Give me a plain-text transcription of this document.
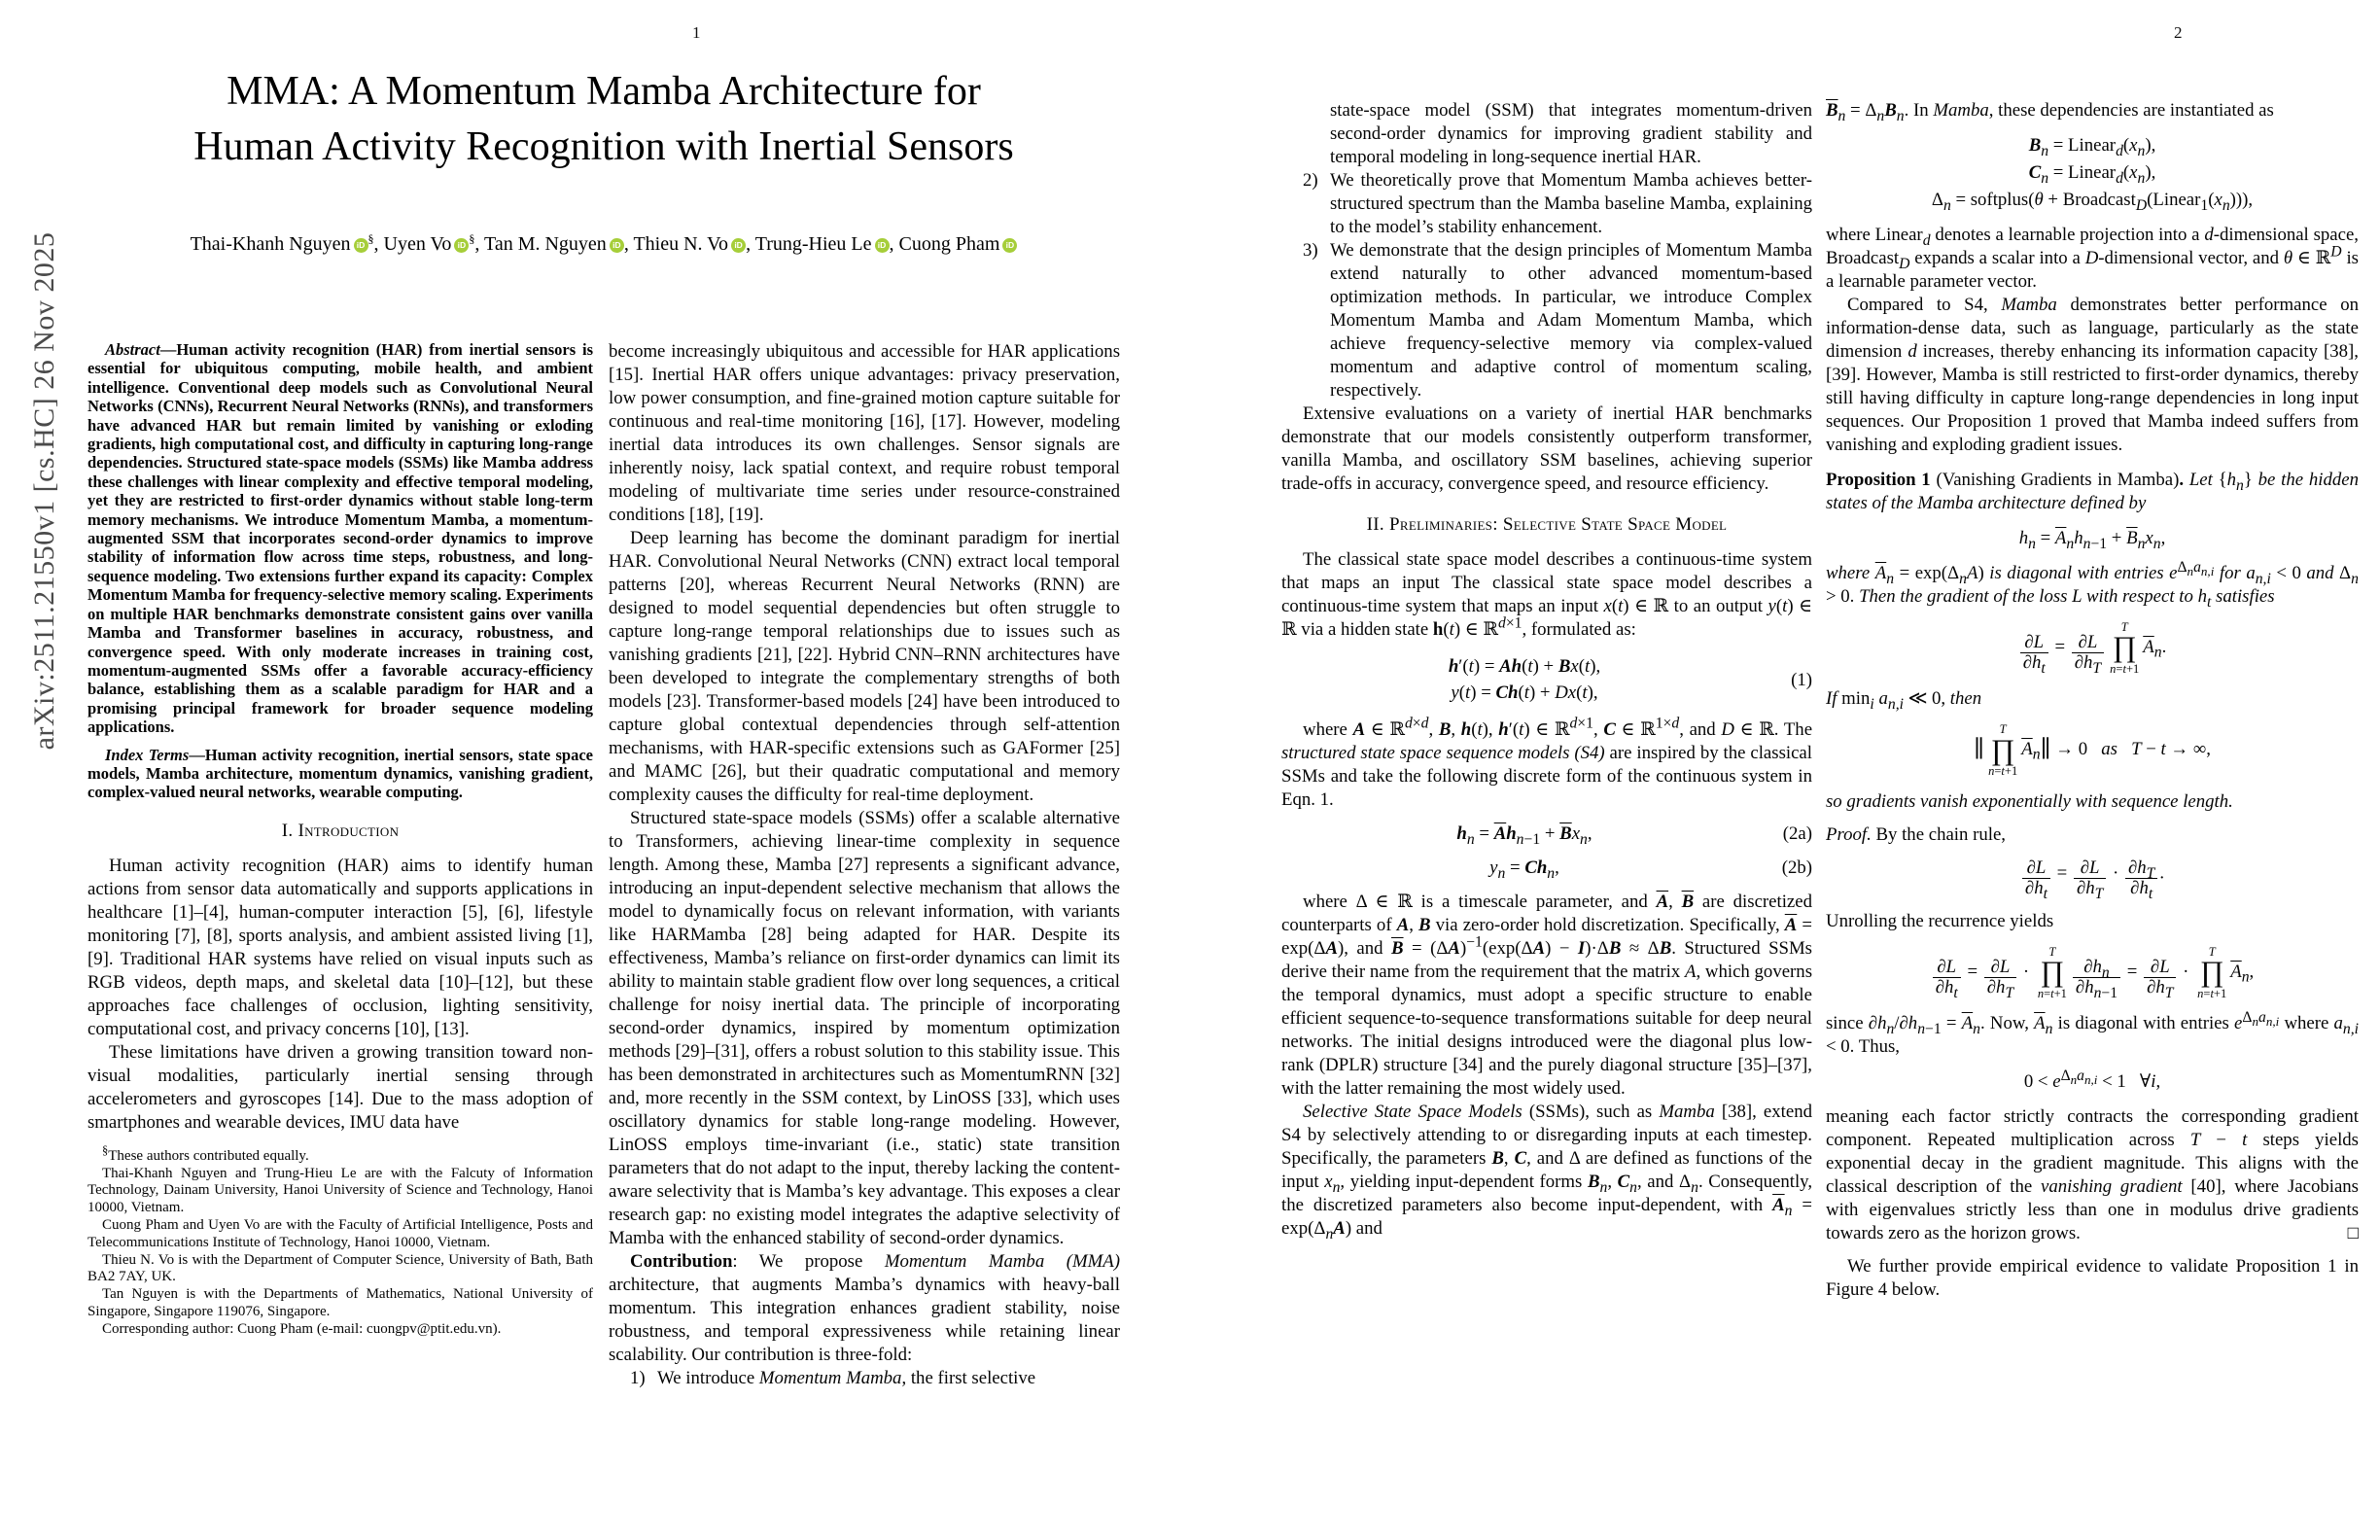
1	2
arXiv:2511.21550v1 [cs.HC] 26 Nov 2025
MMA: A Momentum Mamba Architecture for
Human Activity Recognition with Inertial Sensors
Thai-Khanh Nguyen iD §, Uyen Vo iD §, Tan M. Nguyen iD , Thieu N. Vo iD , Trung-Hieu Le iD , Cuong Pham iD

Abstract—Human activity recognition (HAR) from inertial sensors is essential for ubiquitous computing, mobile health, and ambient intelligence. Conventional deep models such as Convolutional Neural Networks (CNNs), Recurrent Neural Networks (RNNs), and transformers have advanced HAR but remain limited by vanishing or exloding gradients, high computational cost, and difficulty in capturing long-range dependencies. Structured state-space models (SSMs) like Mamba address these challenges with linear complexity and effective temporal modeling, yet they are restricted to first-order dynamics without stable long-term memory mechanisms. We introduce Momentum Mamba, a momentum-augmented SSM that incorporates second-order dynamics to improve stability of information flow across time steps, robustness, and long-sequence modeling. Two extensions further expand its capacity: Complex Momentum Mamba for frequency-selective memory scaling. Experiments on multiple HAR benchmarks demonstrate consistent gains over vanilla Mamba and Transformer baselines in accuracy, robustness, and convergence speed. With only moderate increases in training cost, momentum-augmented SSMs offer a favorable accuracy-efficiency balance, establishing them as a scalable paradigm for HAR and a promising principal framework for broader sequence modeling applications.

Index Terms—Human activity recognition, inertial sensors, state space models, Mamba architecture, momentum dynamics, vanishing gradient, complex-valued neural networks, wearable computing.

I. Introduction

Human activity recognition (HAR) aims to identify human actions from sensor data automatically and supports applications in healthcare [1]–[4], human-computer interaction [5], [6], lifestyle monitoring [7], [8], sports analysis, and ambient assisted living [1], [9]. Traditional HAR systems have relied on visual inputs such as RGB videos, depth maps, and skeletal data [10]–[12], but these approaches face challenges of occlusion, lighting sensitivity, computational cost, and privacy concerns [10], [13].

These limitations have driven a growing transition toward non-visual modalities, particularly inertial sensing through accelerometers and gyroscopes [14]. Due to the mass adoption of smartphones and wearable devices, IMU data have

§These authors contributed equally.

Thai-Khanh Nguyen and Trung-Hieu Le are with the Falcuty of Information Technology, Dainam University, Hanoi University of Science and Technology, Hanoi 10000, Vietnam.

Cuong Pham and Uyen Vo are with the Faculty of Artificial Intelligence, Posts and Telecommunications Institute of Technology, Hanoi 10000, Vietnam.

Thieu N. Vo is with the Department of Computer Science, University of Bath, Bath BA2 7AY, UK.

Tan Nguyen is with the Departments of Mathematics, National University of Singapore, Singapore 119076, Singapore.

Corresponding author: Cuong Pham (e-mail: cuongpv@ptit.edu.vn).

become increasingly ubiquitous and accessible for HAR applications [15]. Inertial HAR offers unique advantages: privacy preservation, low power consumption, and fine-grained motion capture suitable for continuous and real-time monitoring [16], [17]. However, modeling inertial data introduces its own challenges. Sensor signals are inherently noisy, lack spatial context, and require robust temporal modeling of multivariate time series under resource-constrained conditions [18], [19].

Deep learning has become the dominant paradigm for inertial HAR. Convolutional Neural Networks (CNN) extract local temporal patterns [20], whereas Recurrent Neural Networks (RNN) are designed to model sequential dependencies but often struggle to capture long-range temporal relationships due to issues such as vanishing gradients [21], [22]. Hybrid CNN–RNN architectures have been developed to integrate the complementary strengths of both models [23]. Transformer-based models [24] have been introduced to capture global contextual dependencies through self-attention mechanisms, with HAR-specific extensions such as GAFormer [25] and MAMC [26], but their quadratic computational and memory complexity causes the difficulty for real-time deployment.

Structured state-space models (SSMs) offer a scalable alternative to Transformers, achieving linear-time complexity in sequence length. Among these, Mamba [27] represents a significant advance, introducing an input-dependent selective mechanism that allows the model to dynamically focus on relevant information, with variants like HARMamba [28] being adapted for HAR. Despite its effectiveness, Mamba’s reliance on first-order dynamics can limit its ability to maintain stable gradient flow over long sequences, a critical challenge for noisy inertial data. The principle of incorporating second-order dynamics, inspired by momentum optimization methods [29]–[31], offers a robust solution to this stability issue. This has been demonstrated in architectures such as MomentumRNN [32] and, more recently in the SSM context, by LinOSS [33], which uses oscillatory dynamics for stable long-range modeling. However, LinOSS employs time-invariant (i.e., static) state transition parameters that do not adapt to the input, thereby lacking the content-aware selectivity that is Mamba’s key advantage. This exposes a clear research gap: no existing model integrates the adaptive selectivity of Mamba with the enhanced stability of second-order dynamics.

Contribution: We propose Momentum Mamba (MMA) architecture, that augments Mamba’s dynamics with heavy-ball momentum. This integration enhances gradient stability, noise robustness, and temporal expressiveness while retaining linear scalability. Our contribution is three-fold:

1) We introduce Momentum Mamba, the first selective
state-space model (SSM) that integrates momentum-driven second-order dynamics for improving gradient stability and temporal modeling in long-sequence inertial HAR.
2) We theoretically prove that Momentum Mamba achieves better-structured spectrum than the Mamba baseline Mamba, explaining to the model’s stability enhancement.
3) We demonstrate that the design principles of Momentum Mamba extend naturally to other advanced momentum-based optimization methods. In particular, we introduce Complex Momentum Mamba and Adam Momentum Mamba, which achieve frequency-selective memory via complex-valued momentum and adaptive control of momentum scaling, respectively.

Extensive evaluations on a variety of inertial HAR benchmarks demonstrate that our models consistently outperform transformer, vanilla Mamba, and oscillatory SSM baselines, achieving superior trade-offs in accuracy, convergence speed, and resource efficiency.

II. Preliminaries: Selective State Space Model

The classical state space model describes a continuous-time system that maps an input The classical state space model describes a continuous-time system that maps an input x(t) ∈ ℝ to an output y(t) ∈ ℝ via a hidden state h(t) ∈ ℝ$^{d\times 1}$, formulated as:

h′(t) = Ah(t) + Bx(t),
y(t) = Ch(t) + Dx(t),
(1)

where A ∈ ℝ$^{d\times d}$, B, h(t), h′(t) ∈ ℝ$^{d\times 1}$, C ∈ ℝ$^{1\times d}$, and D ∈ ℝ. The structured state space sequence models (S4) are inspired by the classical SSMs and take the following discrete form of the continuous system in Eqn. 1.

$h_n = \overline{A}h_{n-1} + \overline{B}x_n$,	(2a)
$y_n = Ch_n$,	(2b)

where Δ ∈ ℝ is a timescale parameter, and $\overline{A}$, $\overline{B}$ are discretized counterparts of A, B via zero-order hold discretization. Specifically, $\overline{A} = \exp(\Delta A)$, and $\overline{B} = (\Delta A)^{-1}(\exp(\Delta A) - I)\cdot\Delta B \approx \Delta B$. Structured SSMs derive their name from the requirement that the matrix A, which governs the temporal dynamics, must adopt a specific structure to enable efficient sequence-to-sequence transformations suitable for deep neural networks. The initial designs introduced were the diagonal plus low-rank (DPLR) structure [34] and the purely diagonal structure [35]–[37], with the latter remaining the most widely used.

Selective State Space Models (SSMs), such as Mamba [38], extend S4 by selectively attending to or disregarding inputs at each timestep. Specifically, the parameters B, C, and Δ are defined as functions of the input $x_n$, yielding input-dependent forms $B_n$, $C_n$, and $\Delta_n$. Consequently, the discretized parameters also become input-dependent, with $\overline{A}_n = \exp(\Delta_nA)$ and

$\overline{B}_n = \Delta_nB_n$. In Mamba, these dependencies are instantiated as

$B_n$ = $Linear_d(x_n)$,
$C_n$ = $Linear_d(x_n)$,
$\Delta_n$ = softplus(θ + $Broadcast_D(Linear_1(x_n))$),

where Linear$_d$ denotes a learnable projection into a d-dimensional space, Broadcast$_D$ expands a scalar into a D-dimensional vector, and θ ∈ ℝ$^D$ is a learnable parameter vector.

Compared to S4, Mamba demonstrates better performance on information-dense data, such as language, particularly as the state dimension d increases, thereby enhancing its information capacity [38], [39]. However, Mamba is still restricted to first-order dynamics, thereby still having difficulty in capture long-range dependencies in long input sequences. Our Proposition 1 proved that Mamba indeed suffers from vanishing and exploding gradient issues.

Proposition 1 (Vanishing Gradients in Mamba). Let $\{h_n\}$ be the hidden states of the Mamba architecture defined by

$h_n = \overline{A}_nh_{n-1} + \overline{B}_nx_n$,

where $\overline{A}_n = \exp(\Delta_nA)$ is diagonal with entries $e^{\Delta_na_{n,i}}$ for $a_{n,i} < 0$ and $\Delta_n > 0$. Then the gradient of the loss L with respect to $h_t$ satisfies

$\frac{\partial L}{\partial h_t} = \frac{\partial L}{\partial h_T}$
T
∏
n=t+1
$\overline{A}_n$.

If $\min_i a_{n,i}$ ≪ 0, then

∥
T
∏
n=t+1
$\overline{A}_n\parallel \to 0$   as T − t → ∞,

so gradients vanish exponentially with sequence length.

Proof. By the chain rule,

$\frac{\partial L}{\partial h_t} = \frac{\partial L}{\partial h_T} \cdot \frac{\partial h_T}{\partial h_t}$ .

Unrolling the recurrence yields

$\frac{\partial L}{\partial h_t} = \frac{\partial L}{\partial h_T}$ ·
T
∏
$n=t+1 \frac{\partial h_n}{\partial h_{n-1}} = \frac{\partial L}{\partial h_T}$ ·
T
∏
n=t+1
$\overline{A}_n$,

since $\partial h_n/\partial h_{n-1} = \overline{A}_n$. Now, $\overline{A}_n$ is diagonal with entries $e^{\Delta_na_{n,i}}$ where $a_{n,i} < 0$. Thus,

$0 < e^{\Delta_na_{n,i}} < 1$   ∀i,

meaning each factor strictly contracts the corresponding gradient component. Repeated multiplication across T − t steps yields exponential decay in the gradient magnitude. This aligns with the classical description of the vanishing gradient [40], where Jacobians with eigenvalues strictly less than one in modulus drive gradients towards zero as the horizon grows.	□

We further provide empirical evidence to validate Proposition 1 in Figure 4 below.
